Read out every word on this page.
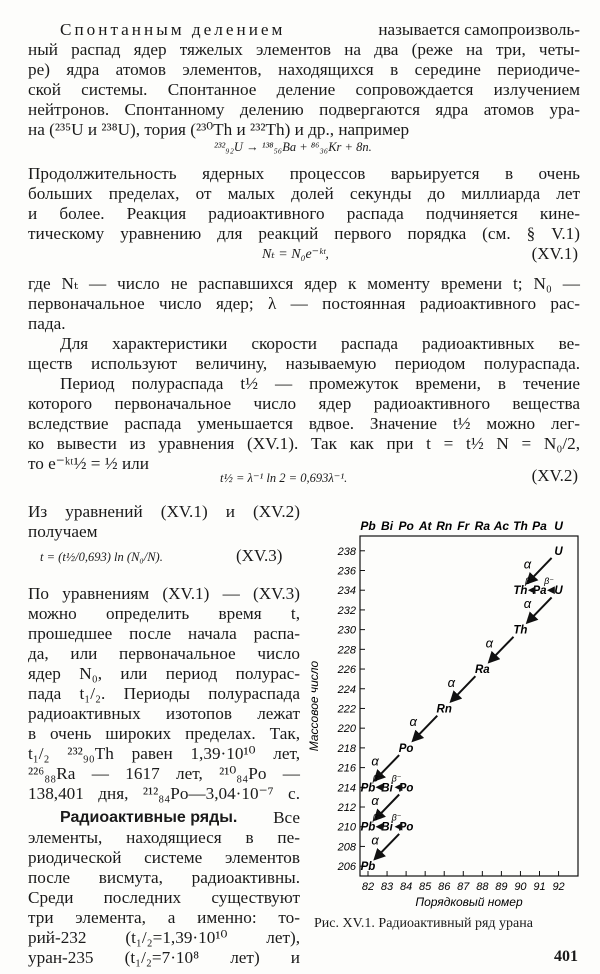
Спонтанным делением	называется самопроизволь-
ный распад ядер тяжелых элементов на два (реже на три, четы-
ре) ядра атомов элементов, находящихся в середине периодиче-
ской системы. Спонтанное деление сопровождается излучением
нейтронов. Спонтанному делению подвергаются ядра атомов ура-
на (²³⁵U и ²³⁸U), тория (²³⁰Th и ²³²Th) и др., например
²³²₉₂U → ¹³⁸₅₆Ba + ⁸⁶₃₆Kr + 8n.
Продолжительность ядерных процессов варьируется в очень
больших пределах, от малых долей секунды до миллиарда лет
и более. Реакция радиоактивного распада подчиняется кине-
тическому уравнению для реакций первого порядка (см. § V.1)
Nₜ = N₀e⁻ᵏᵗ,	(XV.1)
где Nₜ — число не распавшихся ядер к моменту времени t; N₀ —
первоначальное число ядер; λ — постоянная радиоактивного рас-
пада.
Для характеристики скорости распада радиоактивных ве-
ществ используют величину, называемую периодом полураспада.
Период полураспада t½ — промежуток времени, в течение
которого первоначальное число ядер радиоактивного вещества
вследствие распада уменьшается вдвое. Значение t½ можно лег-
ко вывести из уравнения (XV.1). Так как при t = t½ N = N₀/2,
то e⁻ᵏᵗ½ = ½ или
t½ = λ⁻¹ ln 2 = 0,693λ⁻¹.	(XV.2)
Из уравнений (XV.1) и (XV.2)
получаем
t = (t½/0,693) ln (N₀/N).	(XV.3)
По уравнениям (XV.1) — (XV.3)
можно определить время t,
прошедшее после начала распа-
да, или первоначальное число
ядер N₀, или период полурас-
пада t₁/₂. Периоды полураспада
радиоактивных изотопов лежат
в очень широких пределах. Так,
t₁/₂ ²³²₉₀Th равен 1,39·10¹⁰ лет,
²²⁶₈₈Ra — 1617 лет, ²¹⁰₈₄Po —
138,401 дня, ²¹²₈₄Po—3,04·10⁻⁷ с.
Радиоактивные ряды. Все
элементы, находящиеся в пе-
риодической системе элементов
после висмута, радиоактивны.
Среди последних существуют
три элемента, а именно: то-
рий-232 (t₁/₂=1,39·10¹⁰ лет),
уран-235 (t₁/₂=7·10⁸ лет) и
Pb Bi Po At Rn Fr Ra Ac Th Pa U
82 83 84 85 86 87 88 89 90 91 92
206
208
210
212
214
216
218
220
222
224
226
228
230
232
234
236
238
Порядковый номер
Массовое число
U
Th Pa U
Th
Ra
Rn
Po
Pb Bi Po
Pb Bi Po
Pb
α
β⁻ β⁻
α
α
α
α
α
β⁻ β⁻
α
β⁻ β⁻
α
Рис. XV.1. Радиоактивный ряд урана
401
